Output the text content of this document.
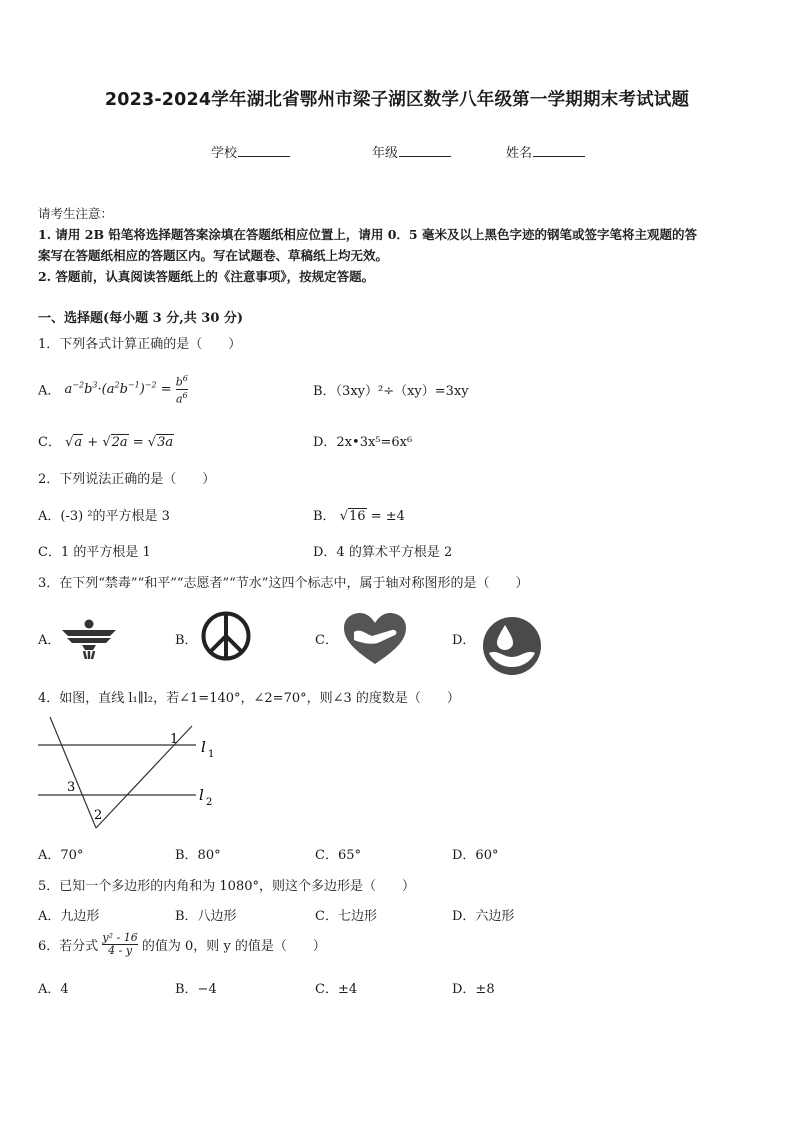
2023-2024学年湖北省鄂州市梁子湖区数学八年级第一学期期末考试试题
学校	年级	姓名
请考生注意：
1. 请用 2B 铅笔将选择题答案涂填在答题纸相应位置上，请用 0．5 毫米及以上黑色字迹的钢笔或签字笔将主观题的答
案写在答题纸相应的答题区内。写在试题卷、草稿纸上均无效。
2. 答题前，认真阅读答题纸上的《注意事项》，按规定答题。
一、选择题(每小题 3 分,共 30 分)
1．下列各式计算正确的是（　　）
A． $a^{-2}b^3\cdot(a^2b^{-1})^{-2} = \frac{b^6}{a^6}$	B．（3xy）²÷（xy）=3xy
C． √a + √2a = √3a	D．2x•3x⁵=6x⁶
2．下列说法正确的是（　　）
A．(-3) ²的平方根是 3	B． √16 = ±4
C．1 的平方根是 1	D．4 的算术平方根是 2
3．在下列“禁毒”“和平”“志愿者”“节水”这四个标志中，属于轴对称图形的是（　　）
A．	B．	C．	D．
4．如图，直线 l₁∥l₂，若∠1=140°，∠2=70°，则∠3 的度数是（　　）
1
3
2
l 1
l 2
A．70°	B．80°	C．65°	D．60°
5．已知一个多边形的内角和为 1080°，则这个多边形是（　　）
A．九边形	B．八边形	C．七边形	D．六边形
6．若分式 $\frac{\text{y² - 16}}{4 - y}$ 的值为 0，则 y 的值是（　　）
A．4	B．−4	C．±4	D．±8
